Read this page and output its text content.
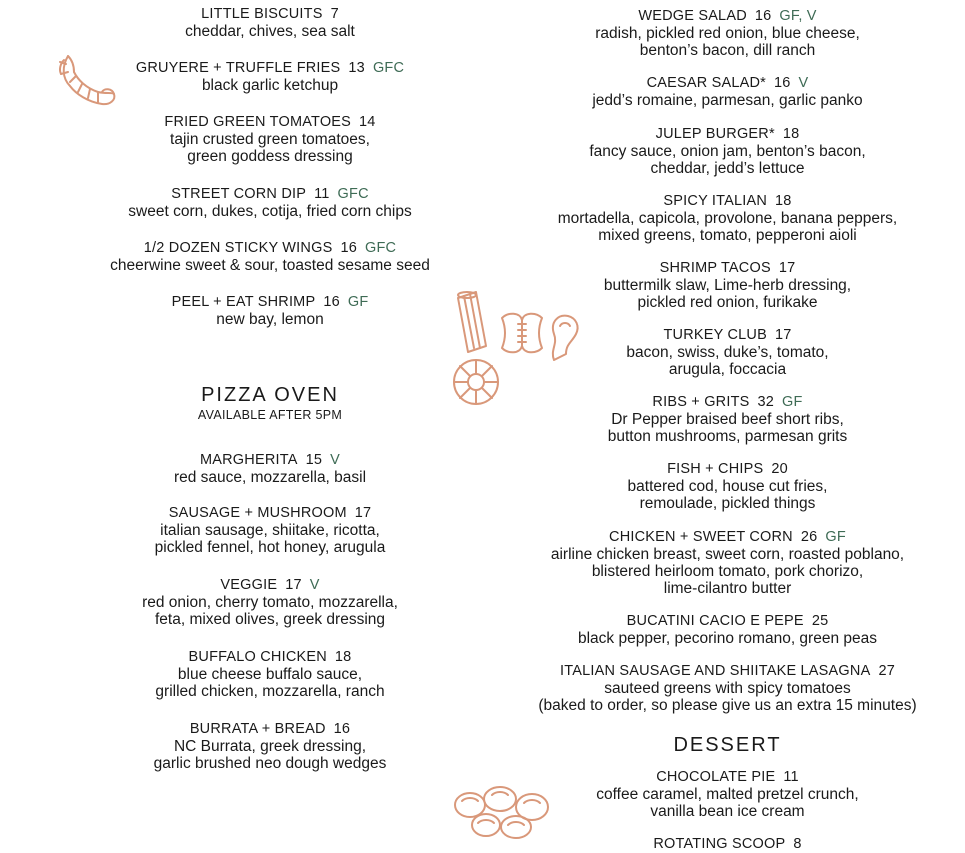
LITTLE BISCUITS 7
cheddar, chives, sea salt
GRUYERE + TRUFFLE FRIES 13 GFC
black garlic ketchup
FRIED GREEN TOMATOES 14
tajin crusted green tomatoes,
green goddess dressing
STREET CORN DIP 11 GFC
sweet corn, dukes, cotija, fried corn chips
1/2 DOZEN STICKY WINGS 16 GFC
cheerwine sweet & sour, toasted sesame seed
PEEL + EAT SHRIMP 16 GF
new bay, lemon
PIZZA OVEN
AVAILABLE AFTER 5PM
MARGHERITA 15 V
red sauce, mozzarella, basil
SAUSAGE + MUSHROOM 17
italian sausage, shiitake, ricotta,
pickled fennel, hot honey, arugula
VEGGIE 17 V
red onion, cherry tomato, mozzarella,
feta, mixed olives, greek dressing
BUFFALO CHICKEN 18
blue cheese buffalo sauce,
grilled chicken, mozzarella, ranch
BURRATA + BREAD 16
NC Burrata, greek dressing,
garlic brushed neo dough wedges
WEDGE SALAD 16 GF, V
radish, pickled red onion, blue cheese,
benton’s bacon, dill ranch
CAESAR SALAD* 16 V
jedd’s romaine, parmesan, garlic panko
JULEP BURGER* 18
fancy sauce, onion jam, benton’s bacon,
cheddar, jedd’s lettuce
SPICY ITALIAN 18
mortadella, capicola, provolone, banana peppers,
mixed greens, tomato, pepperoni aioli
SHRIMP TACOS 17
buttermilk slaw, Lime-herb dressing,
pickled red onion, furikake
TURKEY CLUB 17
bacon, swiss, duke’s, tomato,
arugula, foccacia
RIBS + GRITS 32 GF
Dr Pepper braised beef short ribs,
button mushrooms, parmesan grits
FISH + CHIPS 20
battered cod, house cut fries,
remoulade, pickled things
CHICKEN + SWEET CORN 26 GF
airline chicken breast, sweet corn, roasted poblano,
blistered heirloom tomato, pork chorizo,
lime-cilantro butter
BUCATINI CACIO E PEPE 25
black pepper, pecorino romano, green peas
ITALIAN SAUSAGE AND SHIITAKE LASAGNA 27
sauteed greens with spicy tomatoes
(baked to order, so please give us an extra 15 minutes)
DESSERT
CHOCOLATE PIE 11
coffee caramel, malted pretzel crunch,
vanilla bean ice cream
ROTATING SCOOP 8
